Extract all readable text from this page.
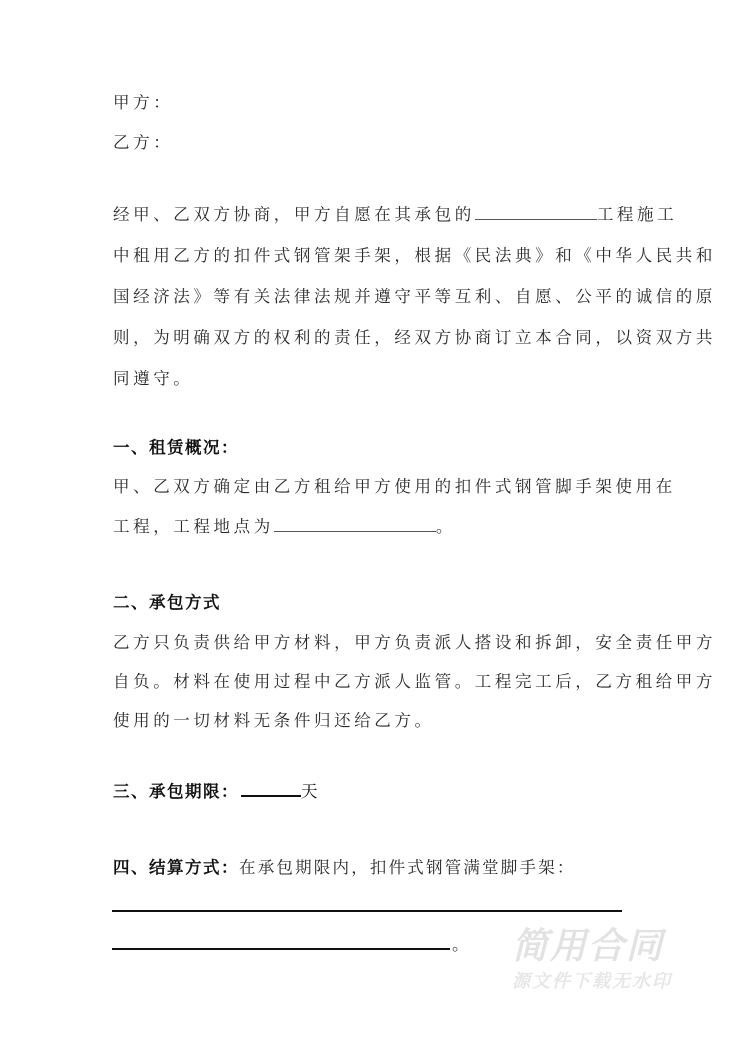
甲方：
乙方：
经甲、乙双方协商，甲方自愿在其承包的	工程施工
中租用乙方的扣件式钢管架手架，根据《民法典》和《中华人民共和
国经济法》等有关法律法规并遵守平等互利、自愿、公平的诚信的原
则，为明确双方的权利的责任，经双方协商订立本合同，以资双方共
同遵守。
一、租赁概况：
甲、乙双方确定由乙方租给甲方使用的扣件式钢管脚手架使用在
工程，工程地点为	。
二、承包方式
乙方只负责供给甲方材料，甲方负责派人搭设和拆卸，安全责任甲方
自负。材料在使用过程中乙方派人监管。工程完工后，乙方租给甲方
使用的一切材料无条件归还给乙方。
三、承包期限：	天
四、结算方式：在承包期限内，扣件式钢管满堂脚手架：
。 简用合同
源文件下载无水印
